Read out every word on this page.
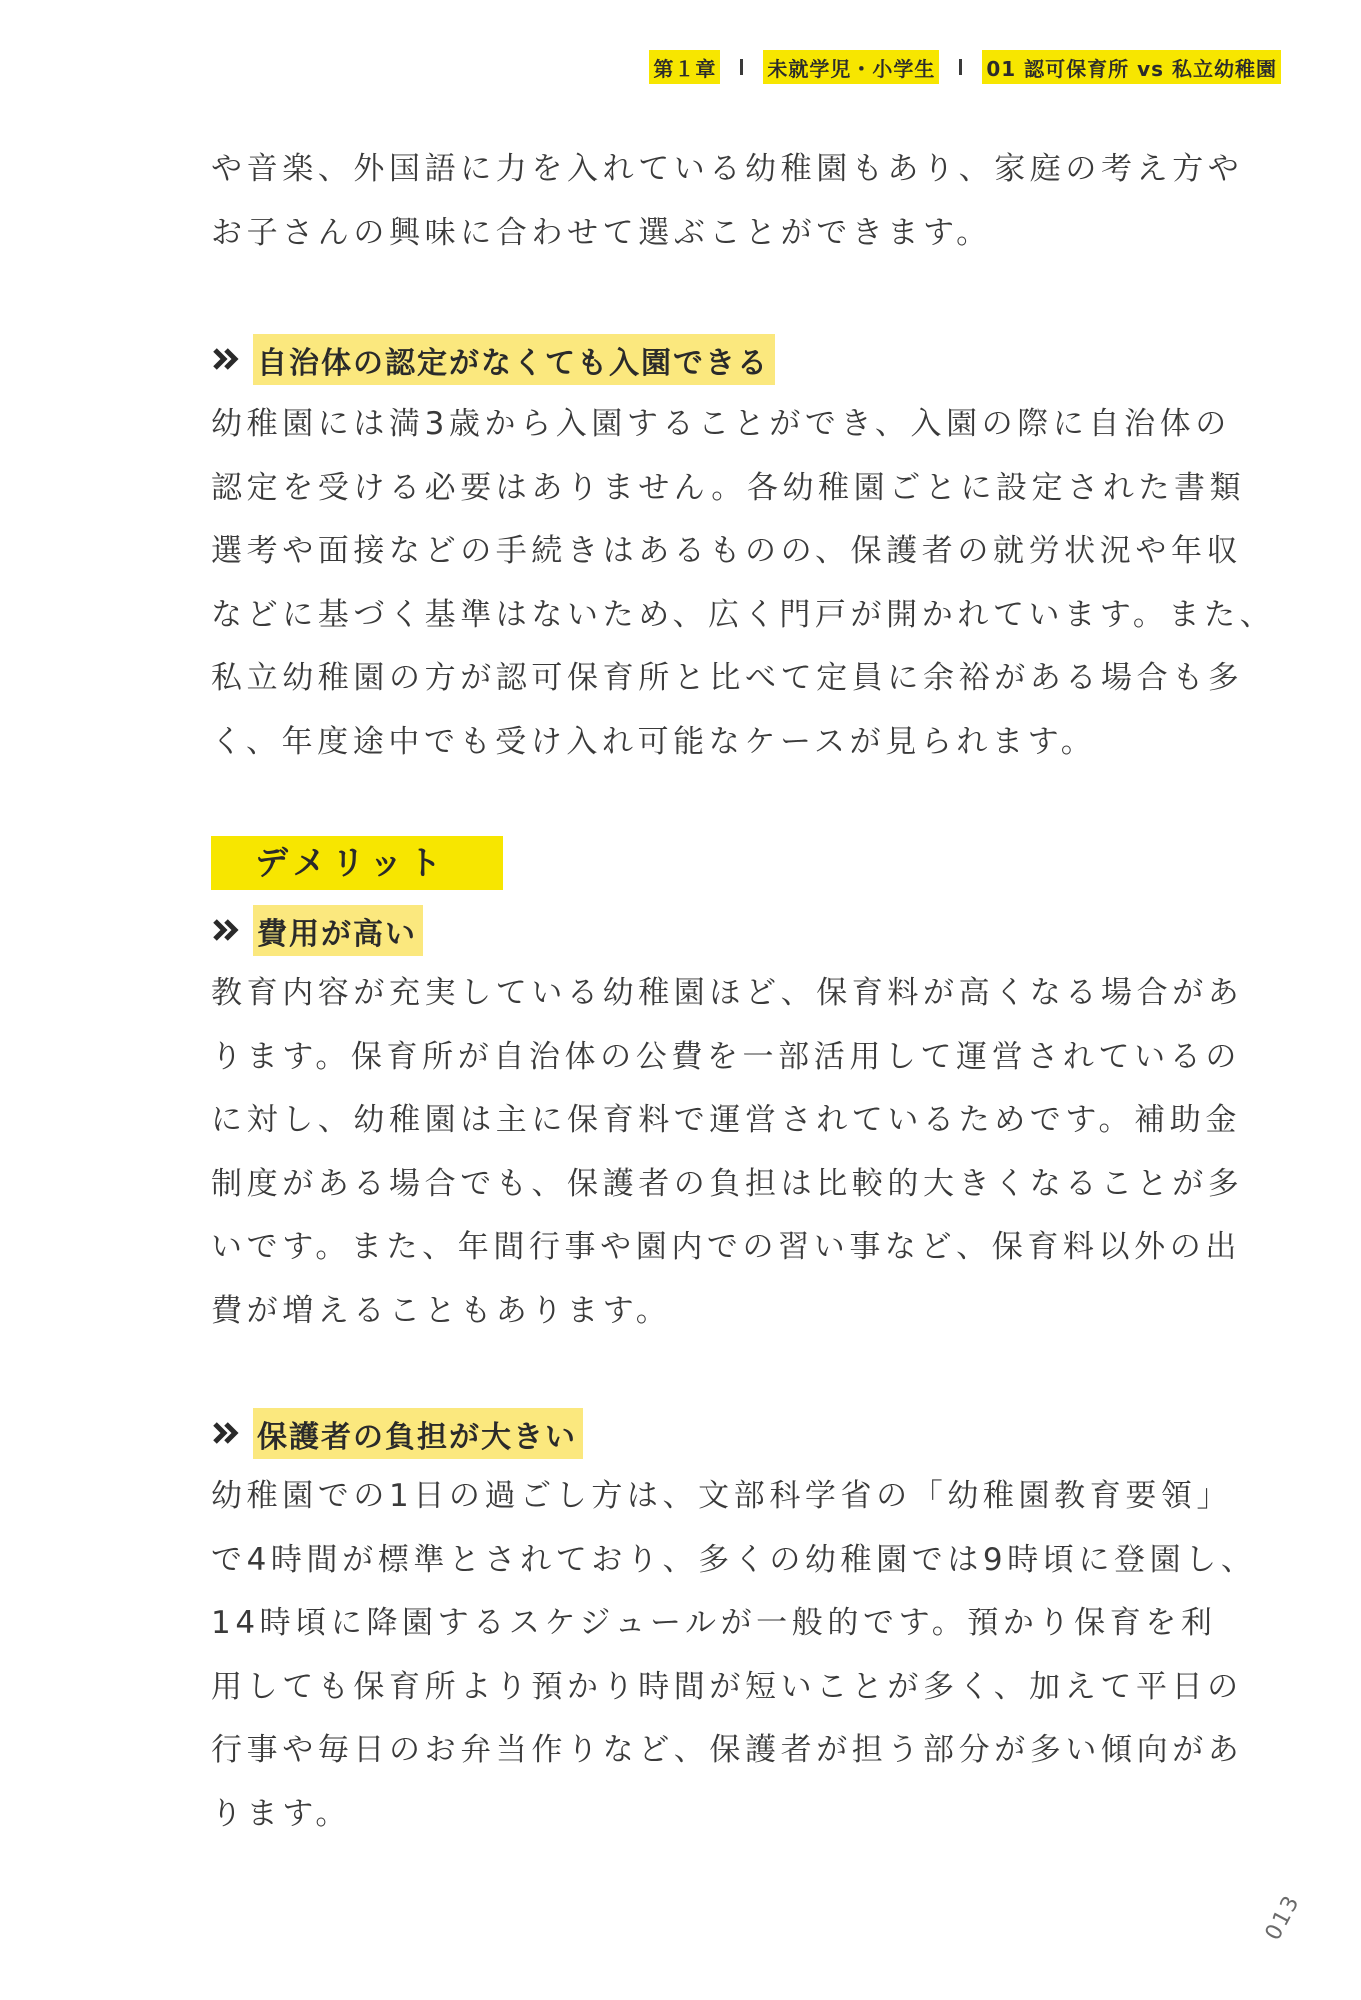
第１章	未就学児・小学生	01 認可保育所 vs 私立幼稚園

や音楽、外国語に力を入れている幼稚園もあり、家庭の考え方や
お子さんの興味に合わせて選ぶことができます。

自治体の認定がなくても入園できる

幼稚園には満3歳から入園することができ、入園の際に自治体の
認定を受ける必要はありません。各幼稚園ごとに設定された書類
選考や面接などの手続きはあるものの、保護者の就労状況や年収
などに基づく基準はないため、広く門戸が開かれています。また、
私立幼稚園の方が認可保育所と比べて定員に余裕がある場合も多
く、年度途中でも受け入れ可能なケースが見られます。

デメリット
費用が高い

教育内容が充実している幼稚園ほど、保育料が高くなる場合があ
ります。保育所が自治体の公費を一部活用して運営されているの
に対し、幼稚園は主に保育料で運営されているためです。補助金
制度がある場合でも、保護者の負担は比較的大きくなることが多
いです。また、年間行事や園内での習い事など、保育料以外の出
費が増えることもあります。

保護者の負担が大きい

幼稚園での1日の過ごし方は、文部科学省の「幼稚園教育要領」
で4時間が標準とされており、多くの幼稚園では9時頃に登園し、
14時頃に降園するスケジュールが一般的です。預かり保育を利
用しても保育所より預かり時間が短いことが多く、加えて平日の
行事や毎日のお弁当作りなど、保護者が担う部分が多い傾向があ
ります。

013
